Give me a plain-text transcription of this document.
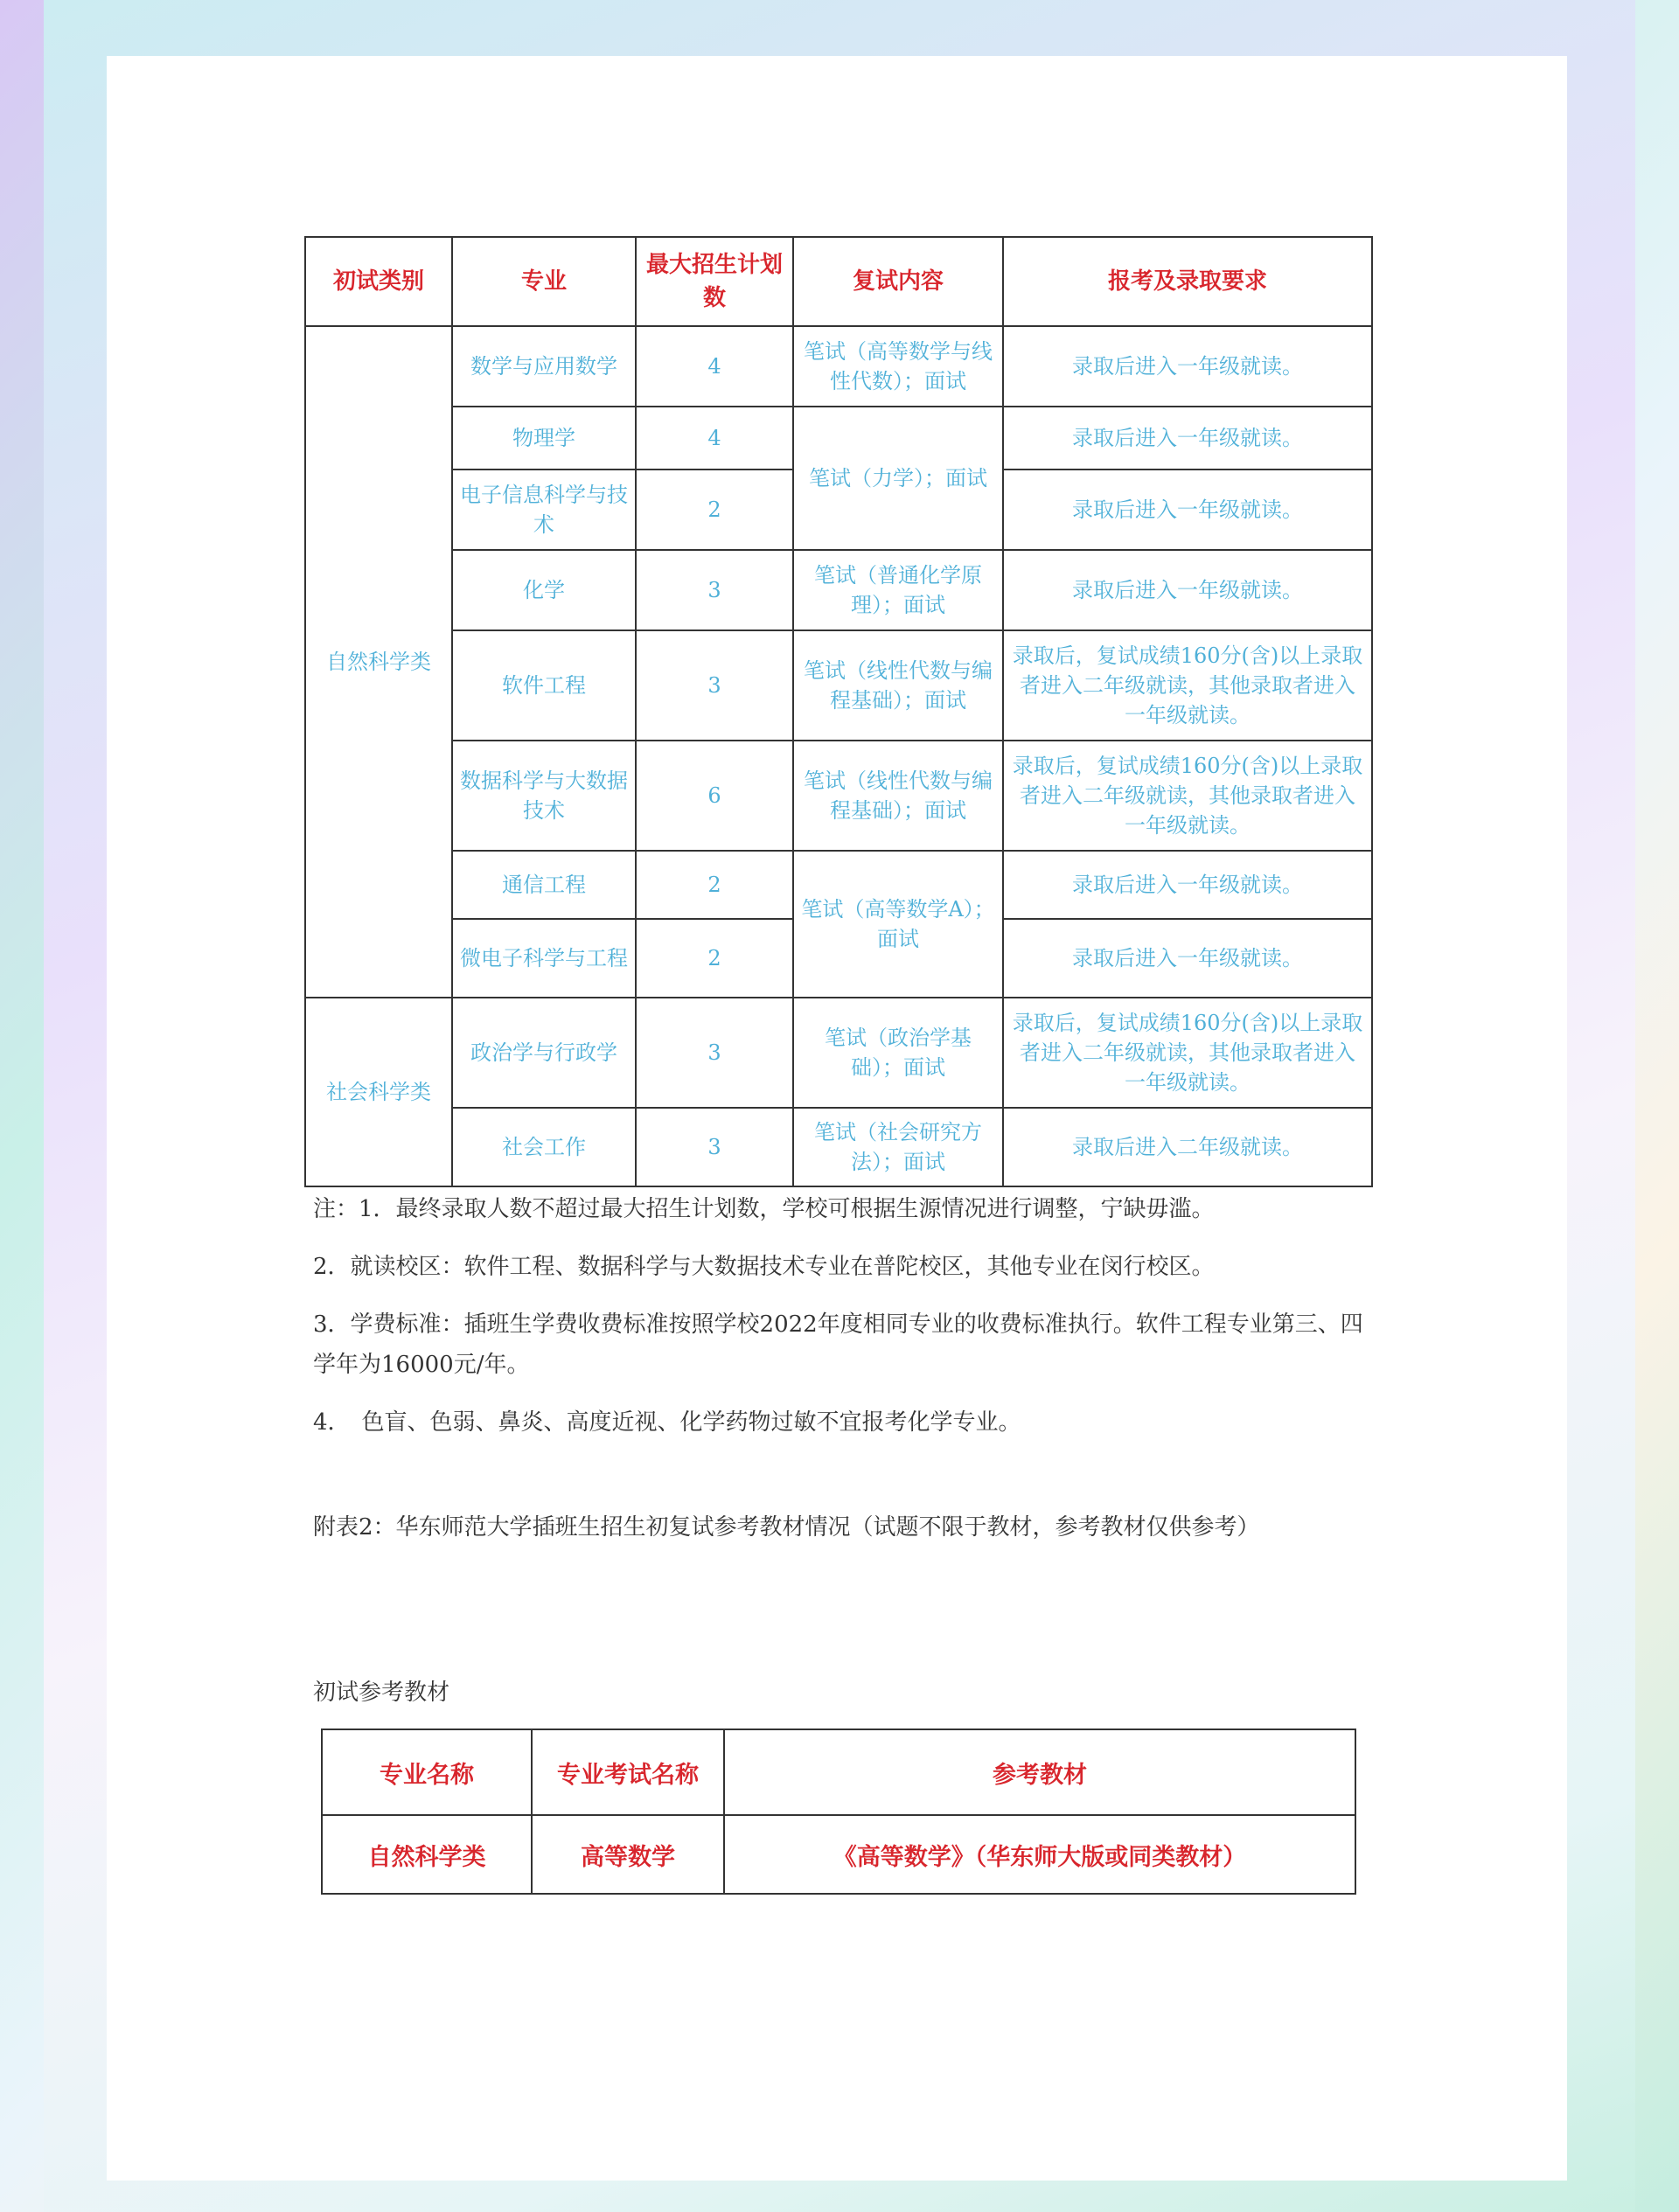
初试类别	专业	最大招生计划数	复试内容	报考及录取要求
自然科学类	数学与应用数学	4	笔试（高等数学与线性代数）；面试	录取后进入一年级就读。
	物理学	4	笔试（力学）；面试	录取后进入一年级就读。
	电子信息科学与技术	2		录取后进入一年级就读。
	化学	3	笔试（普通化学原理）；面试	录取后进入一年级就读。
	软件工程	3	笔试（线性代数与编程基础）；面试	录取后，复试成绩160分(含)以上录取者进入二年级就读，其他录取者进入一年级就读。
	数据科学与大数据技术	6	笔试（线性代数与编程基础）；面试	录取后，复试成绩160分(含)以上录取者进入二年级就读，其他录取者进入一年级就读。
	通信工程	2	笔试（高等数学A）；面试	录取后进入一年级就读。
	微电子科学与工程	2		录取后进入一年级就读。
社会科学类	政治学与行政学	3	笔试（政治学基础）；面试	录取后，复试成绩160分(含)以上录取者进入二年级就读，其他录取者进入一年级就读。
	社会工作	3	笔试（社会研究方法）；面试	录取后进入二年级就读。

注：1．最终录取人数不超过最大招生计划数，学校可根据生源情况进行调整，宁缺毋滥。

2．就读校区：软件工程、数据科学与大数据技术专业在普陀校区，其他专业在闵行校区。

3．学费标准：插班生学费收费标准按照学校2022年度相同专业的收费标准执行。软件工程专业第三、四学年为16000元/年。

4．　色盲、色弱、鼻炎、高度近视、化学药物过敏不宜报考化学专业。

附表2：华东师范大学插班生招生初复试参考教材情况（试题不限于教材，参考教材仅供参考）
初试参考教材
专业名称	专业考试名称	参考教材
自然科学类	高等数学	《高等数学》（华东师大版或同类教材）
